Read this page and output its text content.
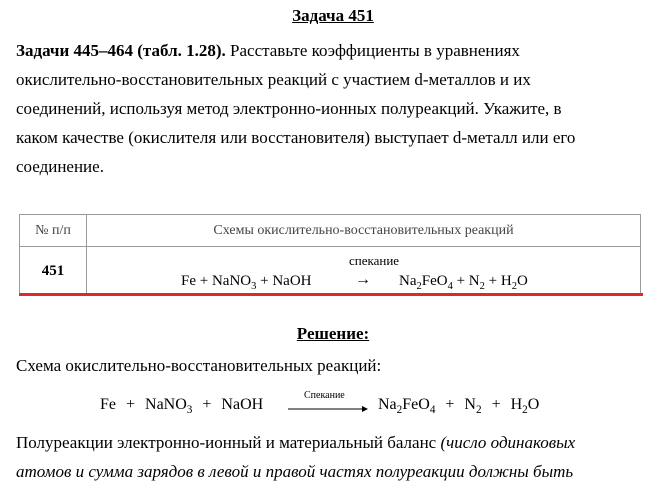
Задача 451
Задачи 445–464 (табл. 1.28). Расставьте коэффициенты в уравнениях
окислительно-восстановительных реакций с участием d-металлов и их
соединений, используя метод электронно-ионных полуреакций. Укажите, в
каком качестве (окислителя или восстановителя) выступает d-металл или его
соединение.
№ п/п	Схемы окислительно-восстановительных реакций
451	спекание
→
Fe + NaNO$_3$ + NaOH $Na_2FeO_4 + N_2 + H_2O$
Решение:
Схема окислительно-восстановительных реакций:
Fe + NaNO$_3$ + NaOH
Спекание
$Na_2FeO_4 + N_2 + H_2O$
Полуреакции электронно-ионный и материальный баланс (число одинаковых
атомов и сумма зарядов в левой и правой частях полуреакции должны быть
